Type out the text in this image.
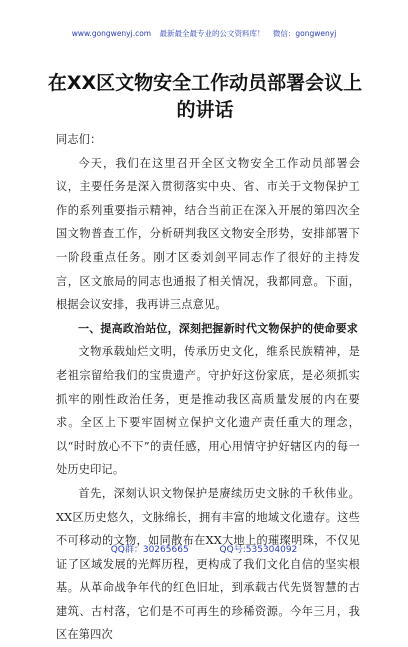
www.gongwenyj.com 最新最全最专业的公文资料库！ 微信：gongwenyj
在XX区文物安全工作动员部署会议上的讲话

同志们：

今天，我们在这里召开全区文物安全工作动员部署会议，主要任务是深入贯彻落实中央、省、市关于文物保护工作的系列重要指示精神，结合当前正在深入开展的第四次全国文物普查工作，分析研判我区文物安全形势，安排部署下一阶段重点任务。刚才区委刘剑平同志作了很好的主持发言，区文旅局的同志也通报了相关情况，我都同意。下面，根据会议安排，我再讲三点意见。

一、提高政治站位，深刻把握新时代文物保护的使命要求

文物承载灿烂文明，传承历史文化，维系民族精神，是老祖宗留给我们的宝贵遗产。守护好这份家底，是必须抓实抓牢的刚性政治任务，更是推动我区高质量发展的内在要求。全区上下要牢固树立保护文化遗产责任重大的理念，以“时时放心不下”的责任感，用心用情守护好辖区内的每一处历史印记。

首先，深刻认识文物保护是赓续历史文脉的千秋伟业。XX区历史悠久，文脉绵长，拥有丰富的地域文化遗存。这些不可移动的文物，如同散布在XX大地上的璀璨明珠，不仅见证了区域发展的光辉历程，更构成了我们文化自信的坚实根基。从革命战争年代的红色旧址，到承载古代先贤智慧的古建筑、古村落，它们是不可再生的珍稀资源。今年三月，我区在第四次

QQ群：30265665	QQ号:535304092
